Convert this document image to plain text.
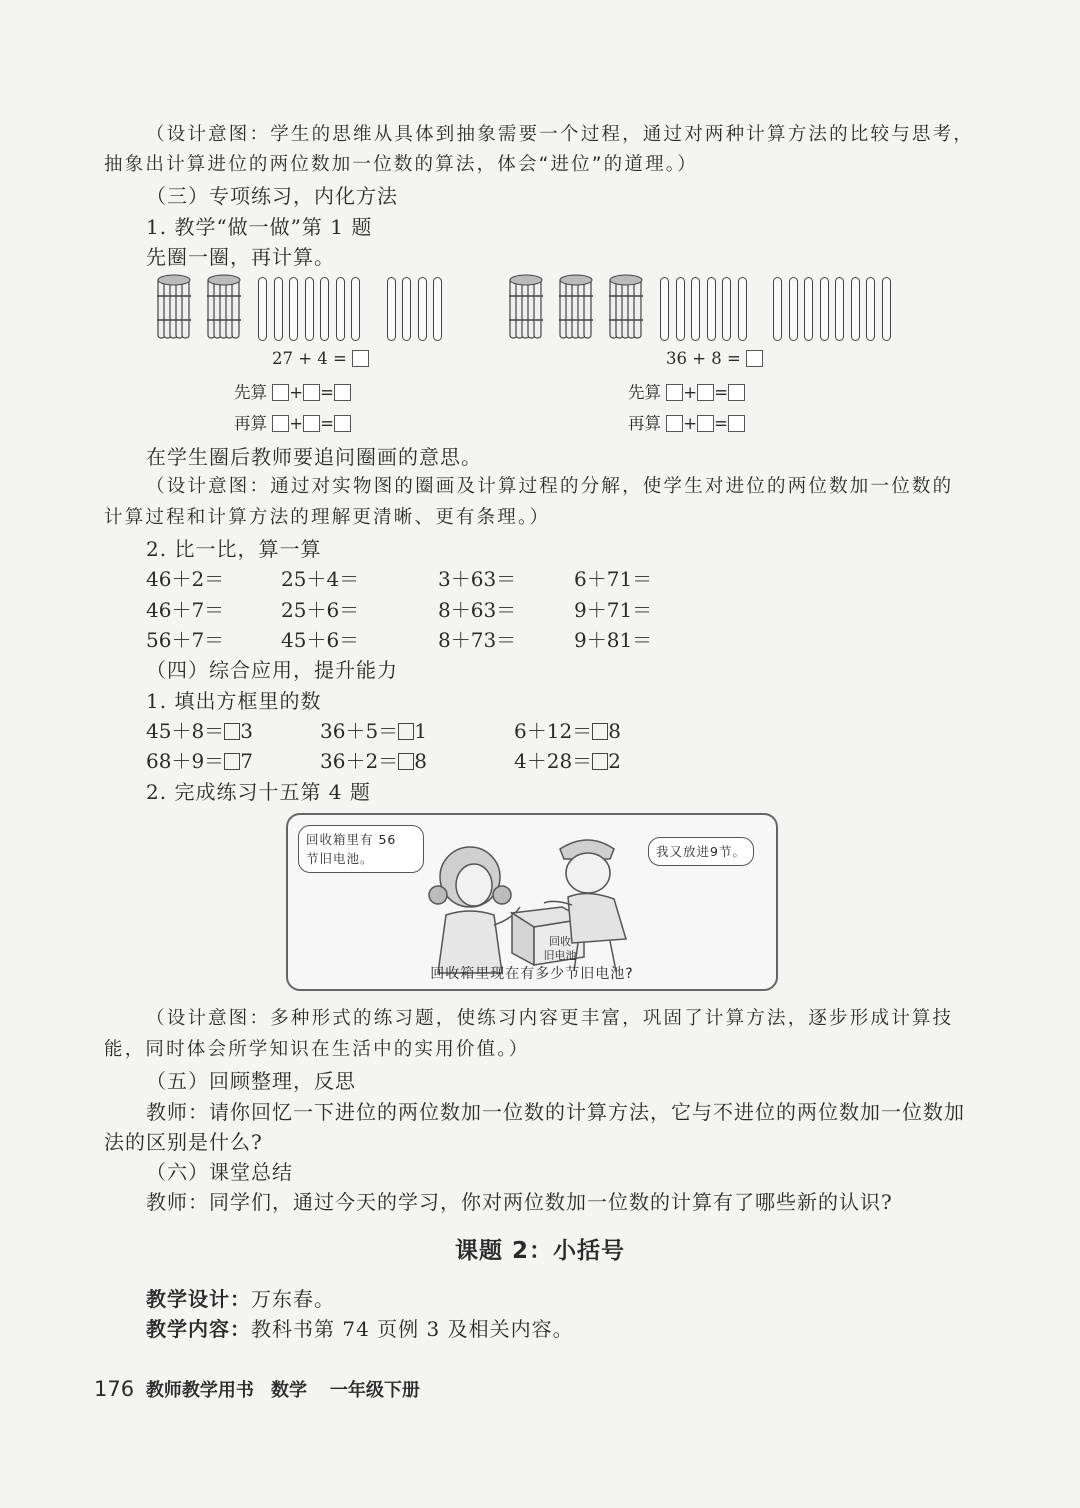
（设计意图：学生的思维从具体到抽象需要一个过程，通过对两种计算方法的比较与思考，
抽象出计算进位的两位数加一位数的算法，体会“进位”的道理。）
（三）专项练习，内化方法
1. 教学“做一做”第 1 题
先圈一圈，再计算。
27 + 4 =
先算 + =
再算 + =
36 + 8 =
先算 + =
再算 + =
在学生圈后教师要追问圈画的意思。
（设计意图：通过对实物图的圈画及计算过程的分解，使学生对进位的两位数加一位数的
计算过程和计算方法的理解更清晰、更有条理。）
2. 比一比，算一算
46＋2＝	25＋4＝	3＋63＝	6＋71＝
46＋7＝	25＋6＝	8＋63＝	9＋71＝
56＋7＝	45＋6＝	8＋73＝	9＋81＝
（四）综合应用，提升能力
1. 填出方框里的数
45＋8＝ 3	36＋5＝ 1	6＋12＝ 8
68＋9＝ 7	36＋2＝ 8	4＋28＝ 2
2. 完成练习十五第 4 题
回收箱里有 56
节旧电池。	我又放进9节。
回收
旧电池
回收箱里现在有多少节旧电池?
（设计意图：多种形式的练习题，使练习内容更丰富，巩固了计算方法，逐步形成计算技
能，同时体会所学知识在生活中的实用价值。）
（五）回顾整理，反思
教师：请你回忆一下进位的两位数加一位数的计算方法，它与不进位的两位数加一位数加
法的区别是什么?
（六）课堂总结
教师：同学们，通过今天的学习，你对两位数加一位数的计算有了哪些新的认识?
课题 2：小括号
教学设计：万东春。
教学内容：教科书第 74 页例 3 及相关内容。
176 教师教学用书 数学 一年级下册
